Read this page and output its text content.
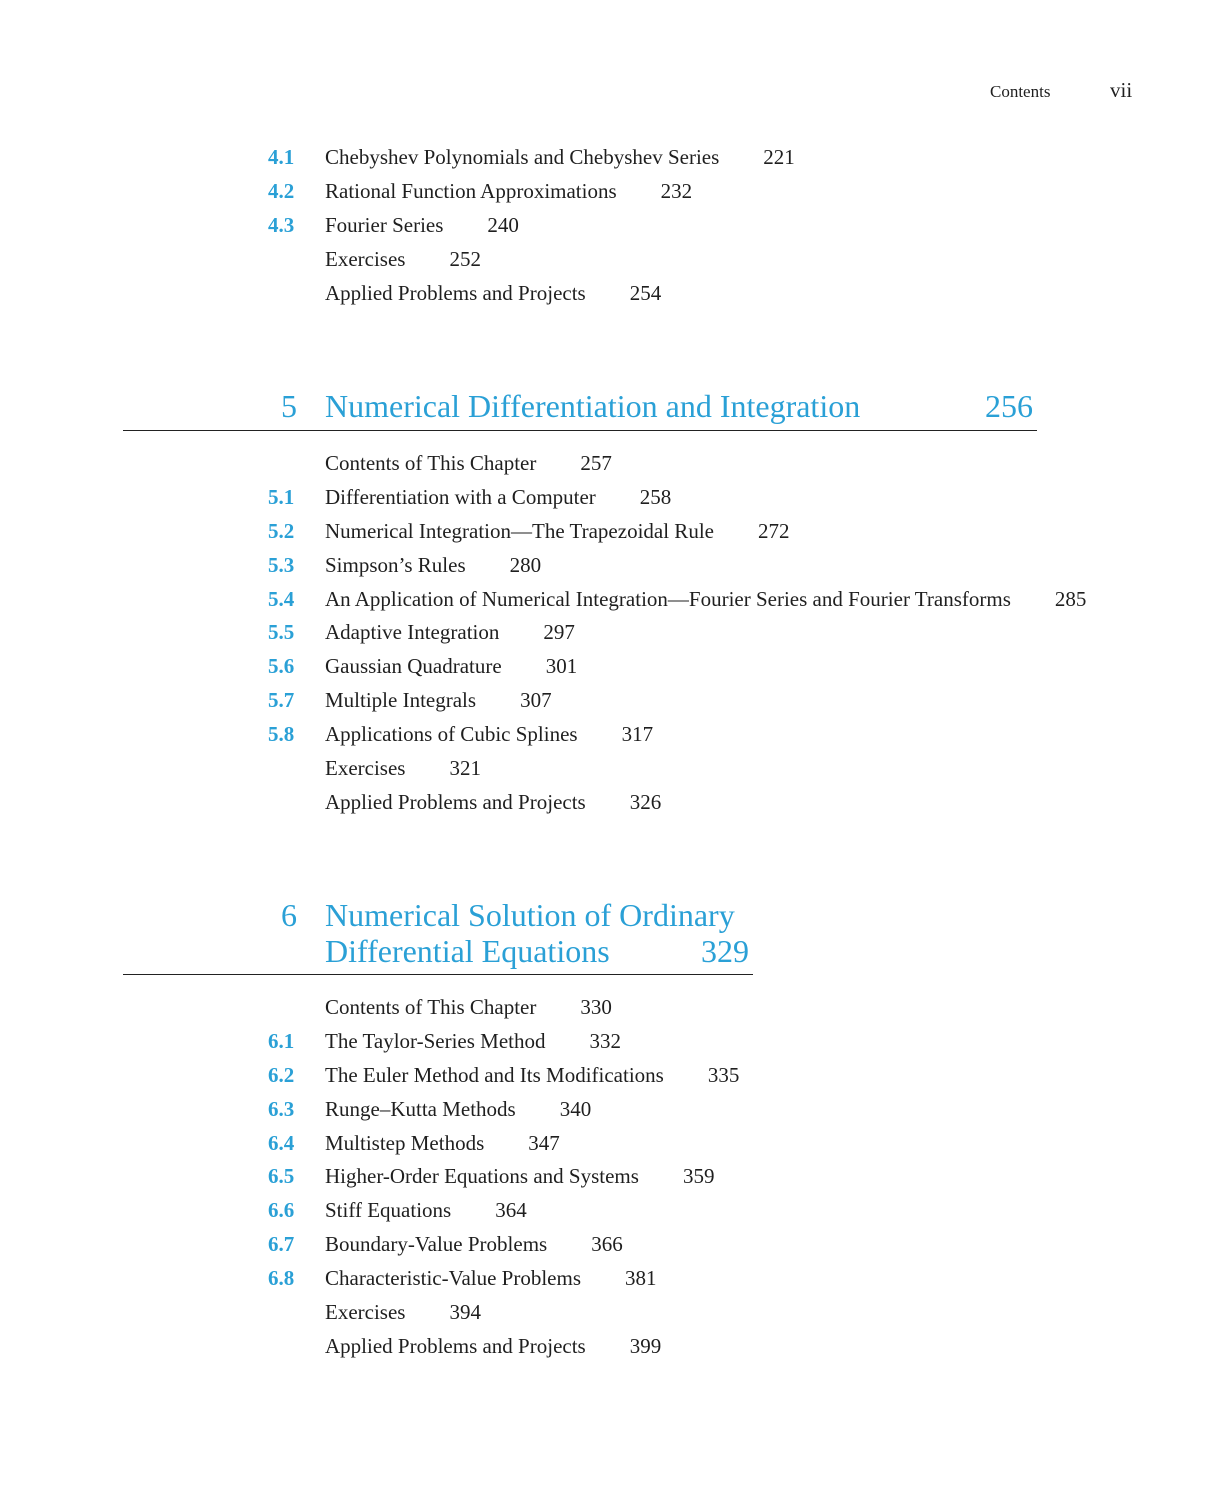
Contents	vii
4.1 Chebyshev Polynomials and Chebyshev Series 221
4.2 Rational Function Approximations 232
4.3 Fourier Series 240
Exercises 252
Applied Problems and Projects 254
5 Numerical Differentiation and Integration	256
Contents of This Chapter 257
5.1 Differentiation with a Computer 258
5.2 Numerical Integration—The Trapezoidal Rule 272
5.3 Simpson’s Rules 280
5.4 An Application of Numerical Integration—Fourier Series and Fourier Transforms 285
5.5 Adaptive Integration 297
5.6 Gaussian Quadrature 301
5.7 Multiple Integrals 307
5.8 Applications of Cubic Splines 317
Exercises 321
Applied Problems and Projects 326
6 Numerical Solution of Ordinary
Differential Equations	329
Contents of This Chapter 330
6.1 The Taylor-Series Method 332
6.2 The Euler Method and Its Modifications 335
6.3 Runge–Kutta Methods 340
6.4 Multistep Methods 347
6.5 Higher-Order Equations and Systems 359
6.6 Stiff Equations 364
6.7 Boundary-Value Problems 366
6.8 Characteristic-Value Problems 381
Exercises 394
Applied Problems and Projects 399
